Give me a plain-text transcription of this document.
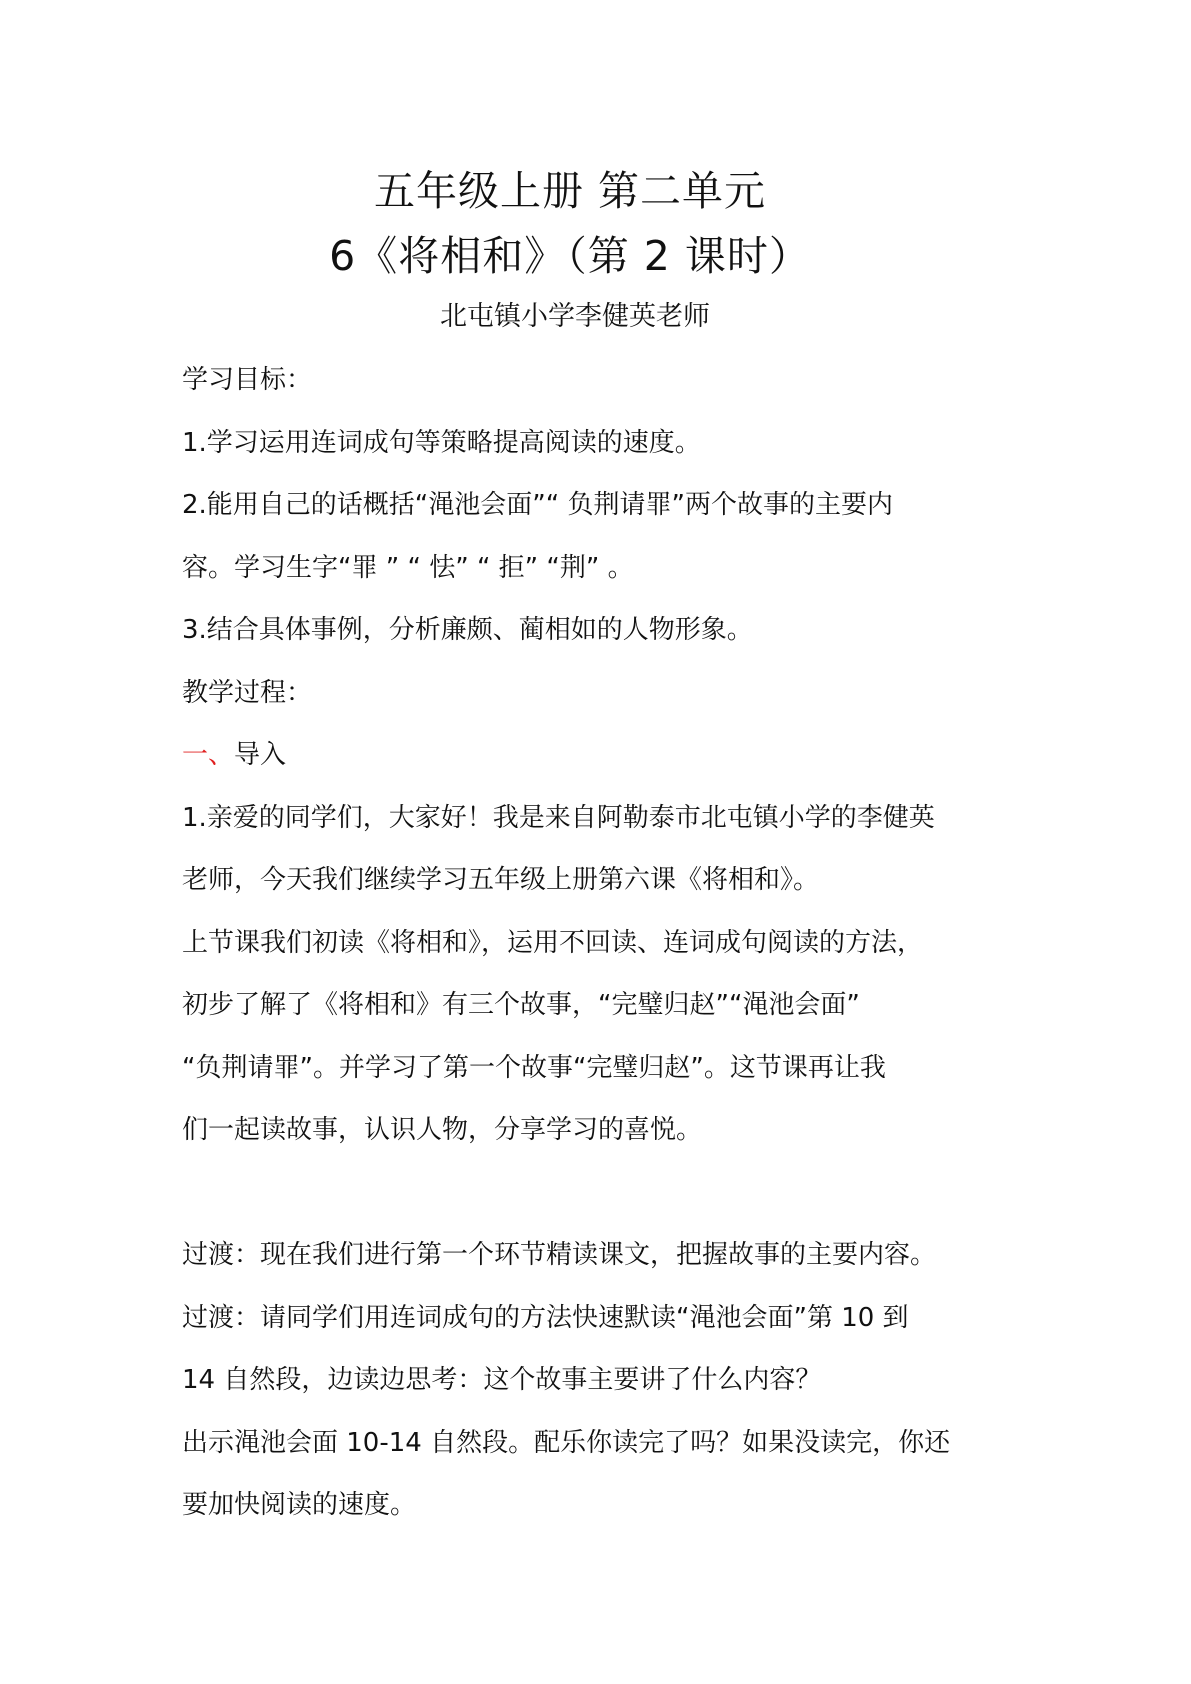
五年级上册 第二单元
6《将相和》（第 2 课时）
北屯镇小学李健英老师
学习目标：
1.学习运用连词成句等策略提高阅读的速度。
2.能用自己的话概括“渑池会面”“ 负荆请罪”两个故事的主要内
容。学习生字“罪 ” “ 怯” “ 拒” “荆” 。
3.结合具体事例，分析廉颇、蔺相如的人物形象。
教学过程：
一、导入
1.亲爱的同学们，大家好！我是来自阿勒泰市北屯镇小学的李健英
老师，今天我们继续学习五年级上册第六课《将相和》。
上节课我们初读《将相和》，运用不回读、连词成句阅读的方法，
初步了解了《将相和》有三个故事，“完璧归赵”“渑池会面”
“负荆请罪”。并学习了第一个故事“完璧归赵”。这节课再让我
们一起读故事，认识人物，分享学习的喜悦。
过渡：现在我们进行第一个环节精读课文，把握故事的主要内容。
过渡：请同学们用连词成句的方法快速默读“渑池会面”第 10 到
14 自然段，边读边思考：这个故事主要讲了什么内容？
出示渑池会面 10-14 自然段。配乐你读完了吗？如果没读完，你还
要加快阅读的速度。
